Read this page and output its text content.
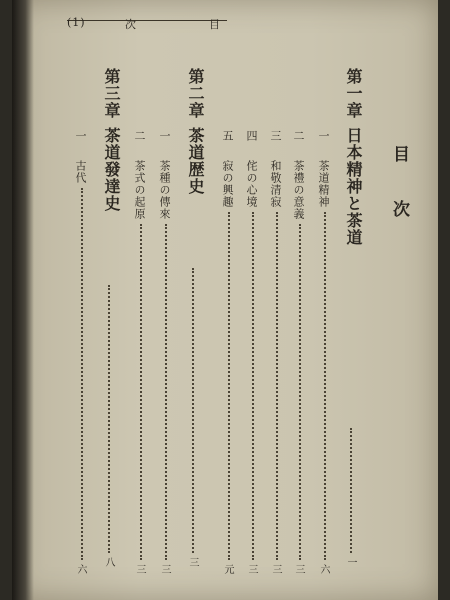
(1)	次	目
目次
第一章日本精神と茶道
一
一
茶道精神
六
二
茶禮の意義
三
三
和敬清寂
三
四
侘の心境
三
五
寂の興趣
元
第二章茶道歴史
三
一
茶種の傳來
三
二
茶式の起原
三
第三章茶道發達史
八
一
古代
六
